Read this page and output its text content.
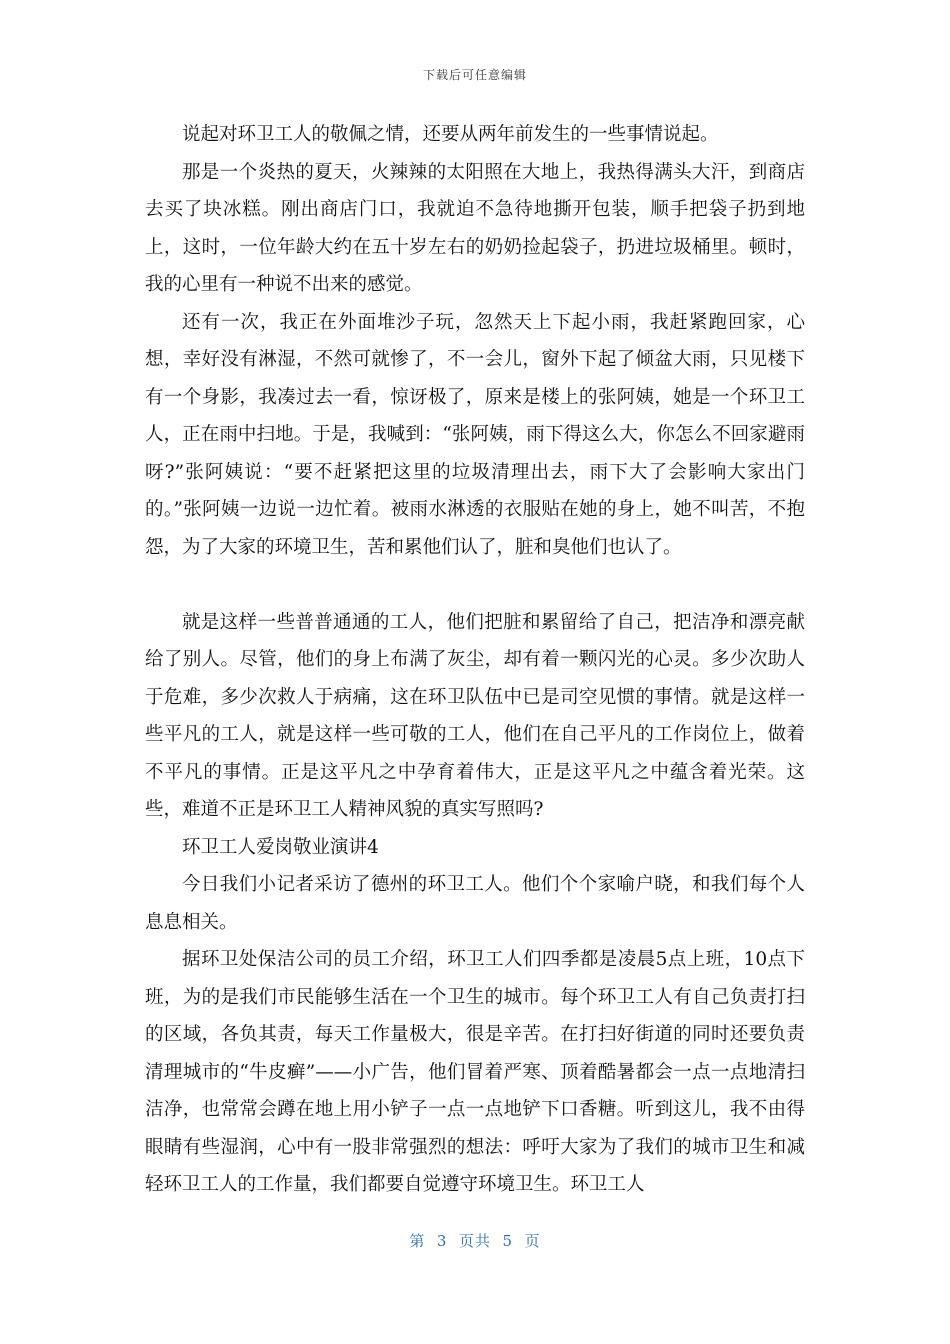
下载后可任意编辑

说起对环卫工人的敬佩之情，还要从两年前发生的一些事情说起。

那是一个炎热的夏天，火辣辣的太阳照在大地上，我热得满头大汗，到商店去买了块冰糕。刚出商店门口，我就迫不急待地撕开包装，顺手把袋子扔到地上，这时，一位年龄大约在五十岁左右的奶奶捡起袋子，扔进垃圾桶里。顿时，我的心里有一种说不出来的感觉。

还有一次，我正在外面堆沙子玩，忽然天上下起小雨，我赶紧跑回家，心想，幸好没有淋湿，不然可就惨了，不一会儿，窗外下起了倾盆大雨，只见楼下有一个身影，我凑过去一看，惊讶极了，原来是楼上的张阿姨，她是一个环卫工人，正在雨中扫地。于是，我喊到：“张阿姨，雨下得这么大，你怎么不回家避雨呀?”张阿姨说：“要不赶紧把这里的垃圾清理出去，雨下大了会影响大家出门的。”张阿姨一边说一边忙着。被雨水淋透的衣服贴在她的身上，她不叫苦，不抱怨，为了大家的环境卫生，苦和累他们认了，脏和臭他们也认了。

就是这样一些普普通通的工人，他们把脏和累留给了自己，把洁净和漂亮献给了别人。尽管，他们的身上布满了灰尘，却有着一颗闪光的心灵。多少次助人于危难，多少次救人于病痛，这在环卫队伍中已是司空见惯的事情。就是这样一些平凡的工人，就是这样一些可敬的工人，他们在自己平凡的工作岗位上，做着不平凡的事情。正是这平凡之中孕育着伟大，正是这平凡之中蕴含着光荣。这些，难道不正是环卫工人精神风貌的真实写照吗?

环卫工人爱岗敬业演讲4

今日我们小记者采访了德州的环卫工人。他们个个家喻户晓，和我们每个人息息相关。

据环卫处保洁公司的员工介绍，环卫工人们四季都是凌晨5点上班，10点下班，为的是我们市民能够生活在一个卫生的城市。每个环卫工人有自己负责打扫的区域，各负其责，每天工作量极大，很是辛苦。在打扫好街道的同时还要负责清理城市的“牛皮癣”——小广告，他们冒着严寒、顶着酷暑都会一点一点地清扫洁净，也常常会蹲在地上用小铲子一点一点地铲下口香糖。听到这儿，我不由得眼睛有些湿润，心中有一股非常强烈的想法：呼吁大家为了我们的城市卫生和减轻环卫工人的工作量，我们都要自觉遵守环境卫生。环卫工人

第  3  页共  5  页
